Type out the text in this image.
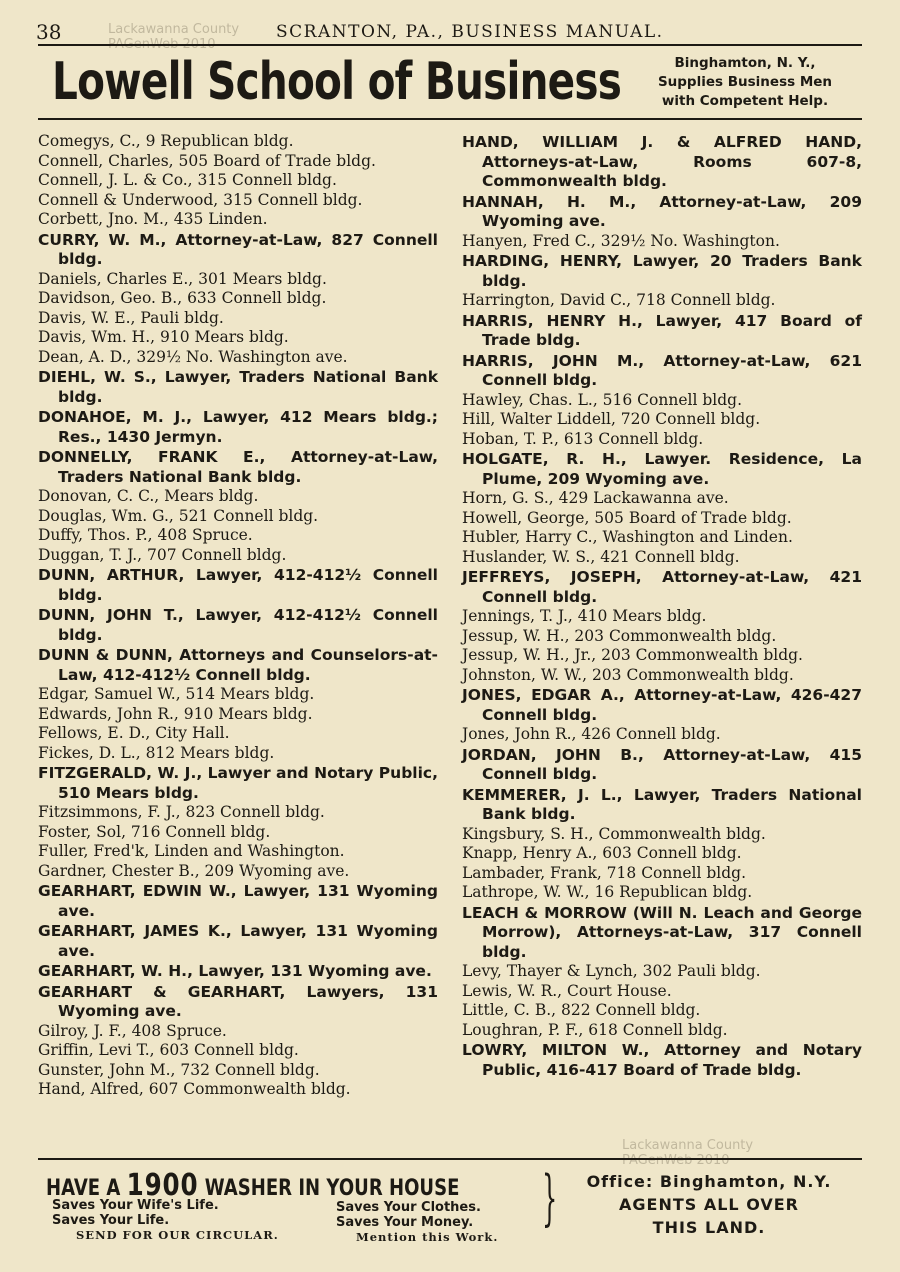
38	SCRANTON, PA., BUSINESS MANUAL.
Lackawanna County
PAGenWeb 2010
Lowell School of Business	Binghamton, N. Y.,
Supplies Business Men
with Competent Help.
Comegys, C., 9 Republican bldg.
Connell, Charles, 505 Board of Trade bldg.
Connell, J. L. & Co., 315 Connell bldg.
Connell & Underwood, 315 Connell bldg.
Corbett, Jno. M., 435 Linden.
CURRY, W. M., Attorney-at-Law, 827 Connell bldg.
Daniels, Charles E., 301 Mears bldg.
Davidson, Geo. B., 633 Connell bldg.
Davis, W. E., Pauli bldg.
Davis, Wm. H., 910 Mears bldg.
Dean, A. D., 329½ No. Washington ave.
DIEHL, W. S., Lawyer, Traders National Bank bldg.
DONAHOE, M. J., Lawyer, 412 Mears bldg.; Res., 1430 Jermyn.
DONNELLY, FRANK E., Attorney-at-Law, Traders National Bank bldg.
Donovan, C. C., Mears bldg.
Douglas, Wm. G., 521 Connell bldg.
Duffy, Thos. P., 408 Spruce.
Duggan, T. J., 707 Connell bldg.
DUNN, ARTHUR, Lawyer, 412-412½ Connell bldg.
DUNN, JOHN T., Lawyer, 412-412½ Connell bldg.
DUNN & DUNN, Attorneys and Counselors-at-Law, 412-412½ Connell bldg.
Edgar, Samuel W., 514 Mears bldg.
Edwards, John R., 910 Mears bldg.
Fellows, E. D., City Hall.
Fickes, D. L., 812 Mears bldg.
FITZGERALD, W. J., Lawyer and Notary Public, 510 Mears bldg.
Fitzsimmons, F. J., 823 Connell bldg.
Foster, Sol, 716 Connell bldg.
Fuller, Fred'k, Linden and Washington.
Gardner, Chester B., 209 Wyoming ave.
GEARHART, EDWIN W., Lawyer, 131 Wyoming ave.
GEARHART, JAMES K., Lawyer, 131 Wyoming ave.
GEARHART, W. H., Lawyer, 131 Wyoming ave.
GEARHART & GEARHART, Lawyers, 131 Wyoming ave.
Gilroy, J. F., 408 Spruce.
Griffin, Levi T., 603 Connell bldg.
Gunster, John M., 732 Connell bldg.
Hand, Alfred, 607 Commonwealth bldg.
HAND, WILLIAM J. & ALFRED HAND, Attorneys-at-Law, Rooms 607-8, Commonwealth bldg.
HANNAH, H. M., Attorney-at-Law, 209 Wyoming ave.
Hanyen, Fred C., 329½ No. Washington.
HARDING, HENRY, Lawyer, 20 Traders Bank bldg.
Harrington, David C., 718 Connell bldg.
HARRIS, HENRY H., Lawyer, 417 Board of Trade bldg.
HARRIS, JOHN M., Attorney-at-Law, 621 Connell bldg.
Hawley, Chas. L., 516 Connell bldg.
Hill, Walter Liddell, 720 Connell bldg.
Hoban, T. P., 613 Connell bldg.
HOLGATE, R. H., Lawyer. Residence, La Plume, 209 Wyoming ave.
Horn, G. S., 429 Lackawanna ave.
Howell, George, 505 Board of Trade bldg.
Hubler, Harry C., Washington and Linden.
Huslander, W. S., 421 Connell bldg.
JEFFREYS, JOSEPH, Attorney-at-Law, 421 Connell bldg.
Jennings, T. J., 410 Mears bldg.
Jessup, W. H., 203 Commonwealth bldg.
Jessup, W. H., Jr., 203 Commonwealth bldg.
Johnston, W. W., 203 Commonwealth bldg.
JONES, EDGAR A., Attorney-at-Law, 426-427 Connell bldg.
Jones, John R., 426 Connell bldg.
JORDAN, JOHN B., Attorney-at-Law, 415 Connell bldg.
KEMMERER, J. L., Lawyer, Traders National Bank bldg.
Kingsbury, S. H., Commonwealth bldg.
Knapp, Henry A., 603 Connell bldg.
Lambader, Frank, 718 Connell bldg.
Lathrope, W. W., 16 Republican bldg.
LEACH & MORROW (Will N. Leach and George Morrow), Attorneys-at-Law, 317 Connell bldg.
Levy, Thayer & Lynch, 302 Pauli bldg.
Lewis, W. R., Court House.
Little, C. B., 822 Connell bldg.
Loughran, P. F., 618 Connell bldg.
LOWRY, MILTON W., Attorney and Notary Public, 416-417 Board of Trade bldg.
Lackawanna County
PAGenWeb 2010
HAVE A 1900 WASHER IN YOUR HOUSE
Saves Your Wife's Life.
Saves Your Life.
SEND FOR OUR CIRCULAR.
Saves Your Clothes.
Saves Your Money.
Mention this Work.
}	Office: Binghamton, N.Y.
AGENTS ALL OVER
THIS LAND.
